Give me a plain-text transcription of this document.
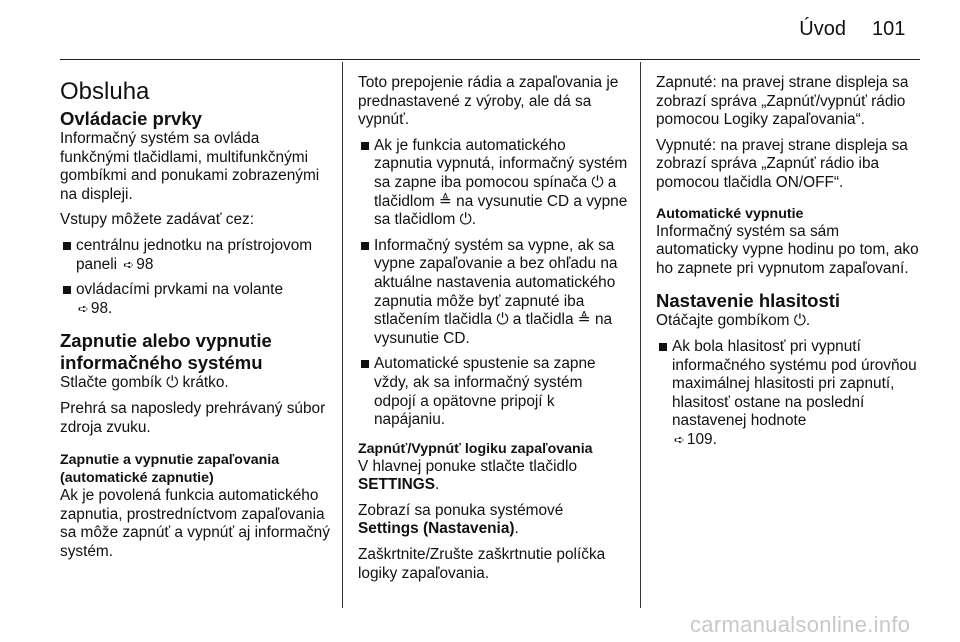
Úvod 101
Obsluha
Ovládacie prvky

Informačný systém sa ovláda funkčnými tlačidlami, multifunkčnými gombíkmi and ponukami zobrazenými na displeji.

Vstupy môžete zadávať cez:

centrálnu jednotku na prístrojovom paneli ➪ 98
ovládacími prvkami na volante
➪ 98.
Zapnutie alebo vypnutie informačného systému

Stlačte gombík ⏻ krátko.

Prehrá sa naposledy prehrávaný súbor zdroja zvuku.

Zapnutie a vypnutie zapaľovania (automatické zapnutie)

Ak je povolená funkcia automatického zapnutia, prostredníctvom zapaľovania sa môže zapnúť a vypnúť aj informačný systém.

Toto prepojenie rádia a zapaľovania je prednastavené z výroby, ale dá sa vypnúť.

Ak je funkcia automatického zapnutia vypnutá, informačný systém sa zapne iba pomocou spínača ⏻ a tlačidlom ≜ na vysunutie CD a vypne sa tlačidlom ⏻.
Informačný systém sa vypne, ak sa vypne zapaľovanie a bez ohľadu na aktuálne nastavenia automatického zapnutia môže byť zapnuté iba stlačením tlačidla ⏻ a tlačidla ≜ na vysunutie CD.
Automatické spustenie sa zapne vždy, ak sa informačný systém odpojí a opätovne pripojí k napájaniu.
Zapnúť/Vypnúť logiku zapaľovania

V hlavnej ponuke stlačte tlačidlo
SETTINGS.

Zobrazí sa ponuka systémové
Settings (Nastavenia).

Zaškrtnite/Zrušte zaškrtnutie políčka logiky zapaľovania.

Zapnuté: na pravej strane displeja sa zobrazí správa „Zapnúť/vypnúť rádio pomocou Logiky zapaľovania“.

Vypnuté: na pravej strane displeja sa zobrazí správa „Zapnúť rádio iba pomocou tlačidla ON/OFF“.

Automatické vypnutie

Informačný systém sa sám automaticky vypne hodinu po tom, ako ho zapnete pri vypnutom zapaľovaní.

Nastavenie hlasitosti

Otáčajte gombíkom ⏻.

Ak bola hlasitosť pri vypnutí informačného systému pod úrovňou maximálnej hlasitosti pri zapnutí, hlasitosť ostane na poslední nastavenej hodnote
➪ 109.
carmanualsonline.info
